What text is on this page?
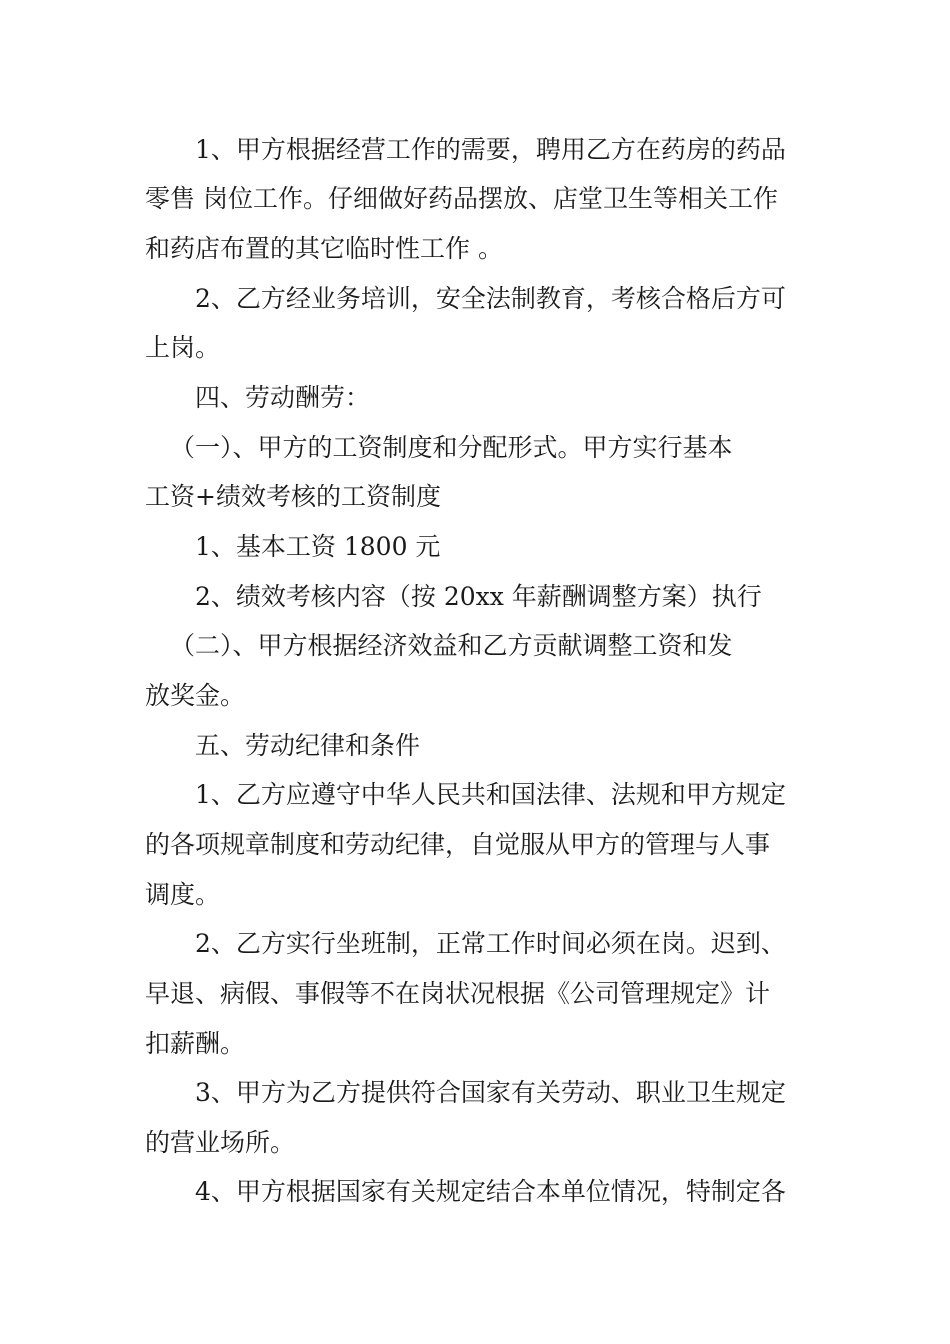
1、甲方根据经营工作的需要，聘用乙方在药房的药品
零售 岗位工作。仔细做好药品摆放、店堂卫生等相关工作
和药店布置的其它临时性工作 。
2、乙方经业务培训，安全法制教育，考核合格后方可
上岗。
四、劳动酬劳：
（一）、甲方的工资制度和分配形式。甲方实行基本
工资+绩效考核的工资制度
1、基本工资 1800 元
2、绩效考核内容（按 20xx 年薪酬调整方案）执行
（二）、甲方根据经济效益和乙方贡献调整工资和发
放奖金。
五、劳动纪律和条件
1、乙方应遵守中华人民共和国法律、法规和甲方规定
的各项规章制度和劳动纪律，自觉服从甲方的管理与人事
调度。
2、乙方实行坐班制，正常工作时间必须在岗。迟到、
早退、病假、事假等不在岗状况根据《公司管理规定》计
扣薪酬。
3、甲方为乙方提供符合国家有关劳动、职业卫生规定
的营业场所。
4、甲方根据国家有关规定结合本单位情况，特制定各
